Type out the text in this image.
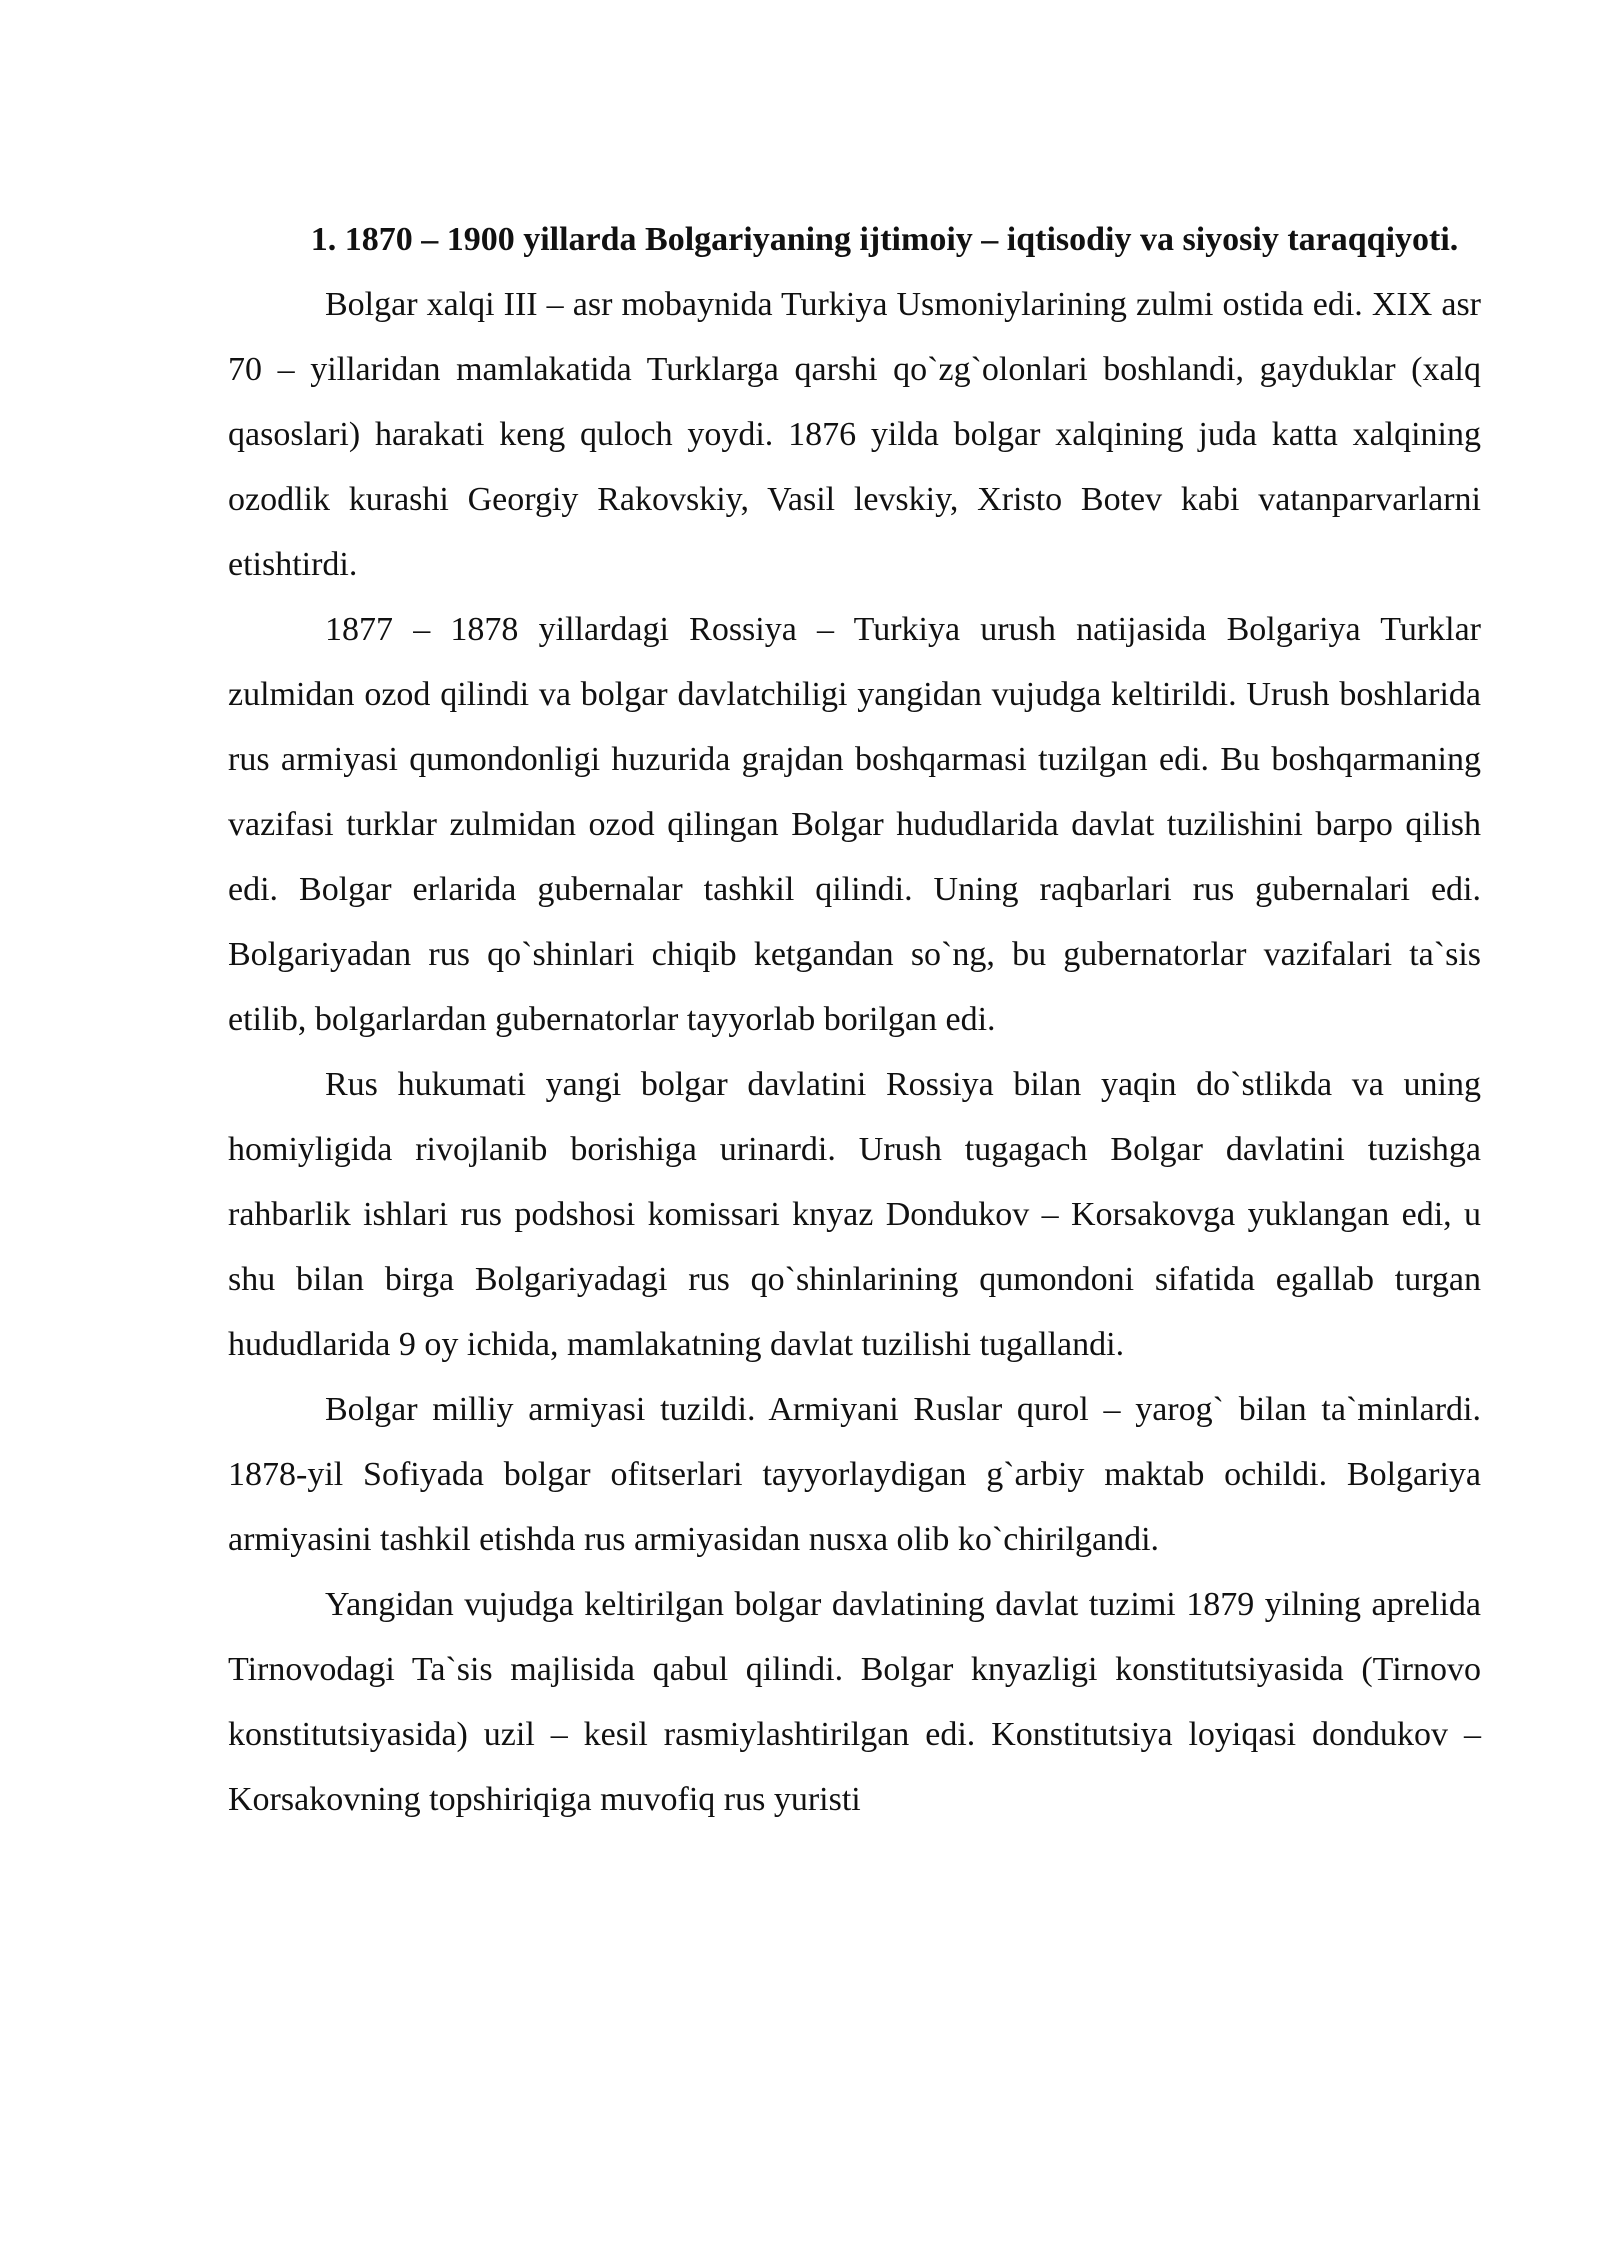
1. 1870 – 1900 yillarda Bolgariyaning ijtimoiy – iqtisodiy va siyosiy taraqqiyoti.

Bolgar xalqi III – asr mobaynida Turkiya Usmoniylarining zulmi ostida edi. XIX asr 70 – yillaridan mamlakatida Turklarga qarshi qo`zg`olonlari boshlandi, gayduklar (xalq qasoslari) harakati keng quloch yoydi. 1876 yilda bolgar xalqining juda katta xalqining ozodlik kurashi Georgiy Rakovskiy, Vasil levskiy, Xristo Botev kabi vatanparvarlarni etishtirdi.

1877 – 1878 yillardagi Rossiya – Turkiya urush natijasida Bolgariya Turklar zulmidan ozod qilindi va bolgar davlatchiligi yangidan vujudga keltirildi. Urush boshlarida rus armiyasi qumondonligi huzurida grajdan boshqarmasi tuzilgan edi. Bu boshqarmaning vazifasi turklar zulmidan ozod qilingan Bolgar hududlarida davlat tuzilishini barpo qilish edi. Bolgar erlarida gubernalar tashkil qilindi. Uning raqbarlari rus gubernalari edi. Bolgariyadan rus qo`shinlari chiqib ketgandan so`ng, bu gubernatorlar vazifalari ta`sis etilib, bolgarlardan gubernatorlar tayyorlab borilgan edi.

Rus hukumati yangi bolgar davlatini Rossiya bilan yaqin do`stlikda va uning homiyligida rivojlanib borishiga urinardi. Urush tugagach Bolgar davlatini tuzishga rahbarlik ishlari rus podshosi komissari knyaz Dondukov – Korsakovga yuklangan edi, u shu bilan birga Bolgariyadagi rus qo`shinlarining qumondoni sifatida egallab turgan hududlarida 9 oy ichida, mamlakatning davlat tuzilishi tugallandi.

Bolgar milliy armiyasi tuzildi. Armiyani Ruslar qurol – yarog` bilan ta`minlardi. 1878-yil Sofiyada bolgar ofitserlari tayyorlaydigan g`arbiy maktab ochildi. Bolgariya armiyasini tashkil etishda rus armiyasidan nusxa olib ko`chirilgandi.

Yangidan vujudga keltirilgan bolgar davlatining davlat tuzimi 1879 yilning aprelida Tirnovodagi Ta`sis majlisida qabul qilindi. Bolgar knyazligi konstitutsiyasida (Tirnovo konstitutsiyasida) uzil – kesil rasmiylashtirilgan edi. Konstitutsiya loyiqasi dondukov – Korsakovning topshiriqiga muvofiq rus yuristi
